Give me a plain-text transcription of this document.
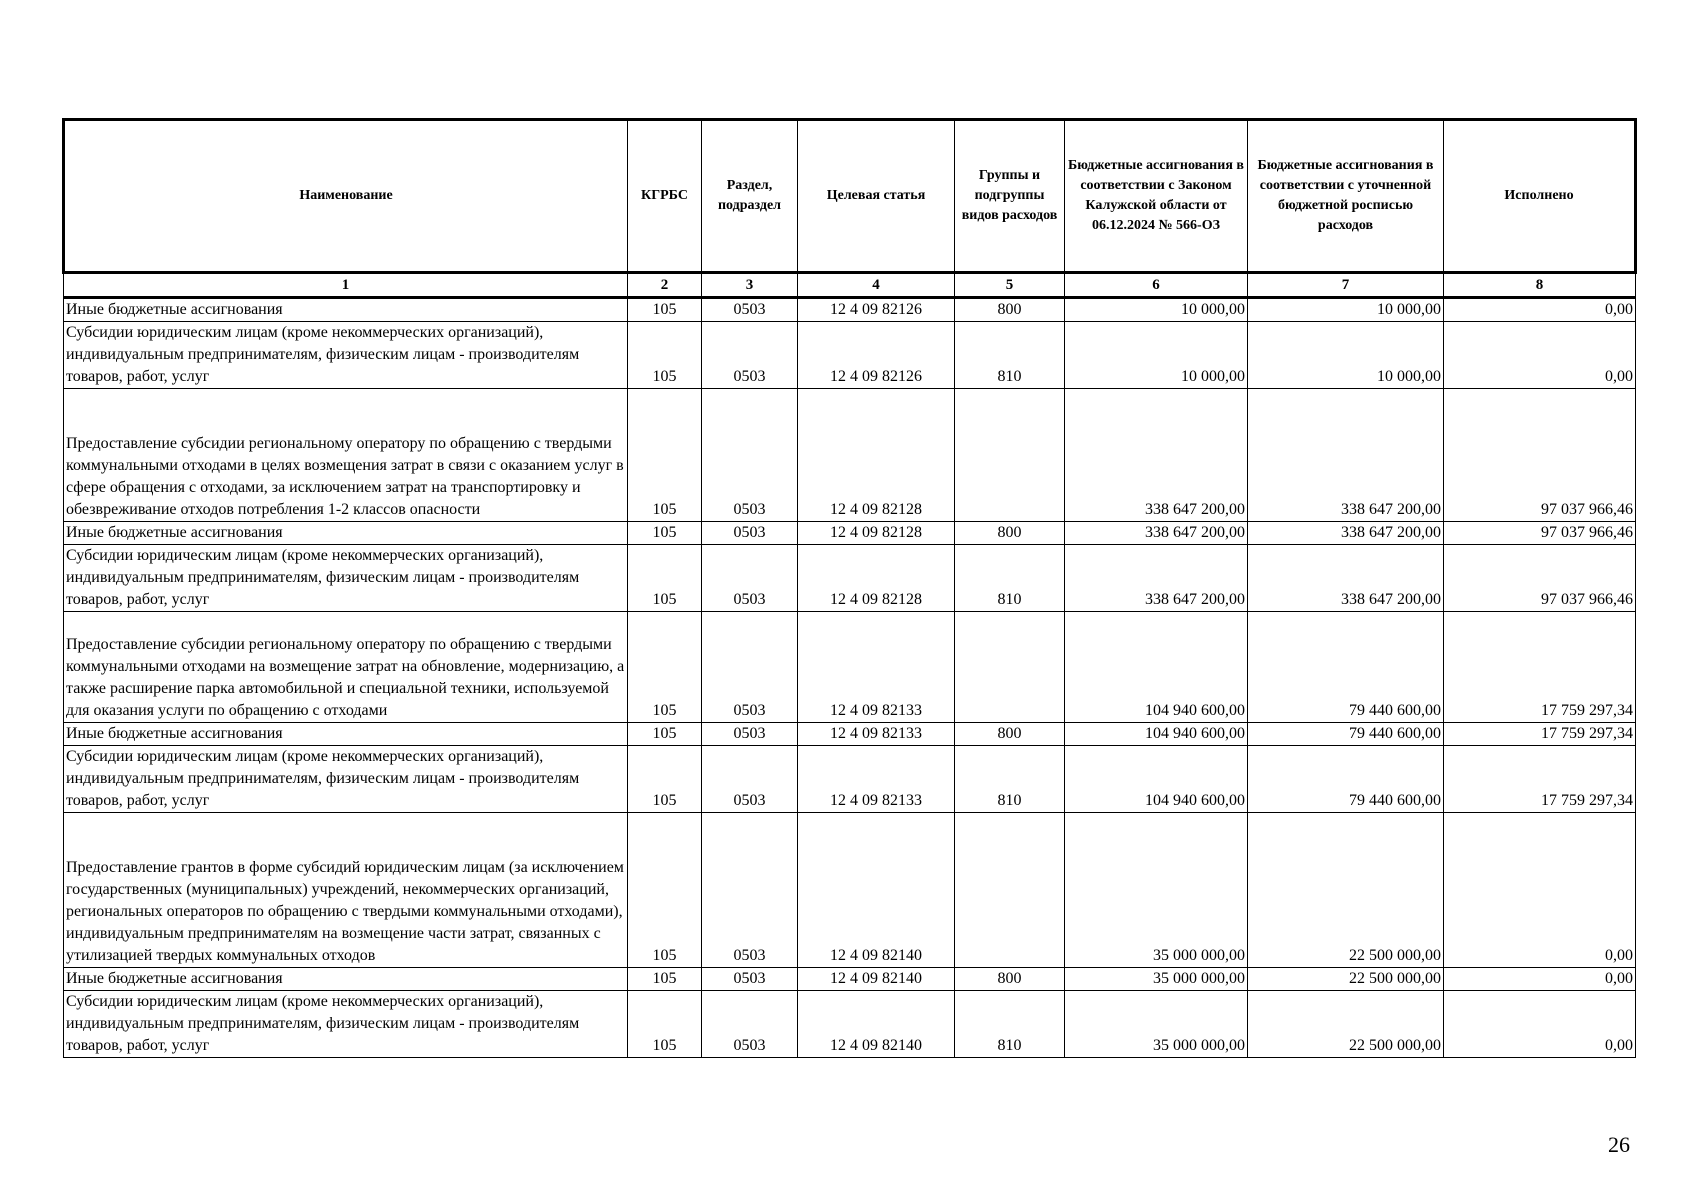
Наименование	КГРБС	Раздел, подраздел	Целевая статья	Группы и подгруппы видов расходов	Бюджетные ассигнования в соответствии с Законом Калужской области от 06.12.2024 № 566-ОЗ	Бюджетные ассигнования в соответствии с уточненной бюджетной росписью расходов	Исполнено
1	2	3	4	5	6	7	8
Иные бюджетные ассигнования	105	0503	12 4 09 82126	800	10 000,00	10 000,00	0,00
Субсидии юридическим лицам (кроме некоммерческих организаций), индивидуальным предпринимателям, физическим лицам - производителям товаров, работ, услуг	105	0503	12 4 09 82126	810	10 000,00	10 000,00	0,00
Предоставление субсидии региональному оператору по обращению с твердыми коммунальными отходами в целях возмещения затрат в связи с оказанием услуг в сфере обращения с отходами, за исключением затрат на транспортировку и обезвреживание отходов потребления 1-2 классов опасности	105	0503	12 4 09 82128		338 647 200,00	338 647 200,00	97 037 966,46
Иные бюджетные ассигнования	105	0503	12 4 09 82128	800	338 647 200,00	338 647 200,00	97 037 966,46
Субсидии юридическим лицам (кроме некоммерческих организаций), индивидуальным предпринимателям, физическим лицам - производителям товаров, работ, услуг	105	0503	12 4 09 82128	810	338 647 200,00	338 647 200,00	97 037 966,46
Предоставление субсидии региональному оператору по обращению с твердыми коммунальными отходами на возмещение затрат на обновление, модернизацию, а также расширение парка автомобильной и специальной техники, используемой для оказания услуги по обращению с отходами	105	0503	12 4 09 82133		104 940 600,00	79 440 600,00	17 759 297,34
Иные бюджетные ассигнования	105	0503	12 4 09 82133	800	104 940 600,00	79 440 600,00	17 759 297,34
Субсидии юридическим лицам (кроме некоммерческих организаций), индивидуальным предпринимателям, физическим лицам - производителям товаров, работ, услуг	105	0503	12 4 09 82133	810	104 940 600,00	79 440 600,00	17 759 297,34
Предоставление грантов в форме субсидий юридическим лицам (за исключением государственных (муниципальных) учреждений, некоммерческих организаций, региональных операторов по обращению с твердыми коммунальными отходами), индивидуальным предпринимателям на возмещение части затрат, связанных с утилизацией твердых коммунальных отходов	105	0503	12 4 09 82140		35 000 000,00	22 500 000,00	0,00
Иные бюджетные ассигнования	105	0503	12 4 09 82140	800	35 000 000,00	22 500 000,00	0,00
Субсидии юридическим лицам (кроме некоммерческих организаций), индивидуальным предпринимателям, физическим лицам - производителям товаров, работ, услуг	105	0503	12 4 09 82140	810	35 000 000,00	22 500 000,00	0,00
26
